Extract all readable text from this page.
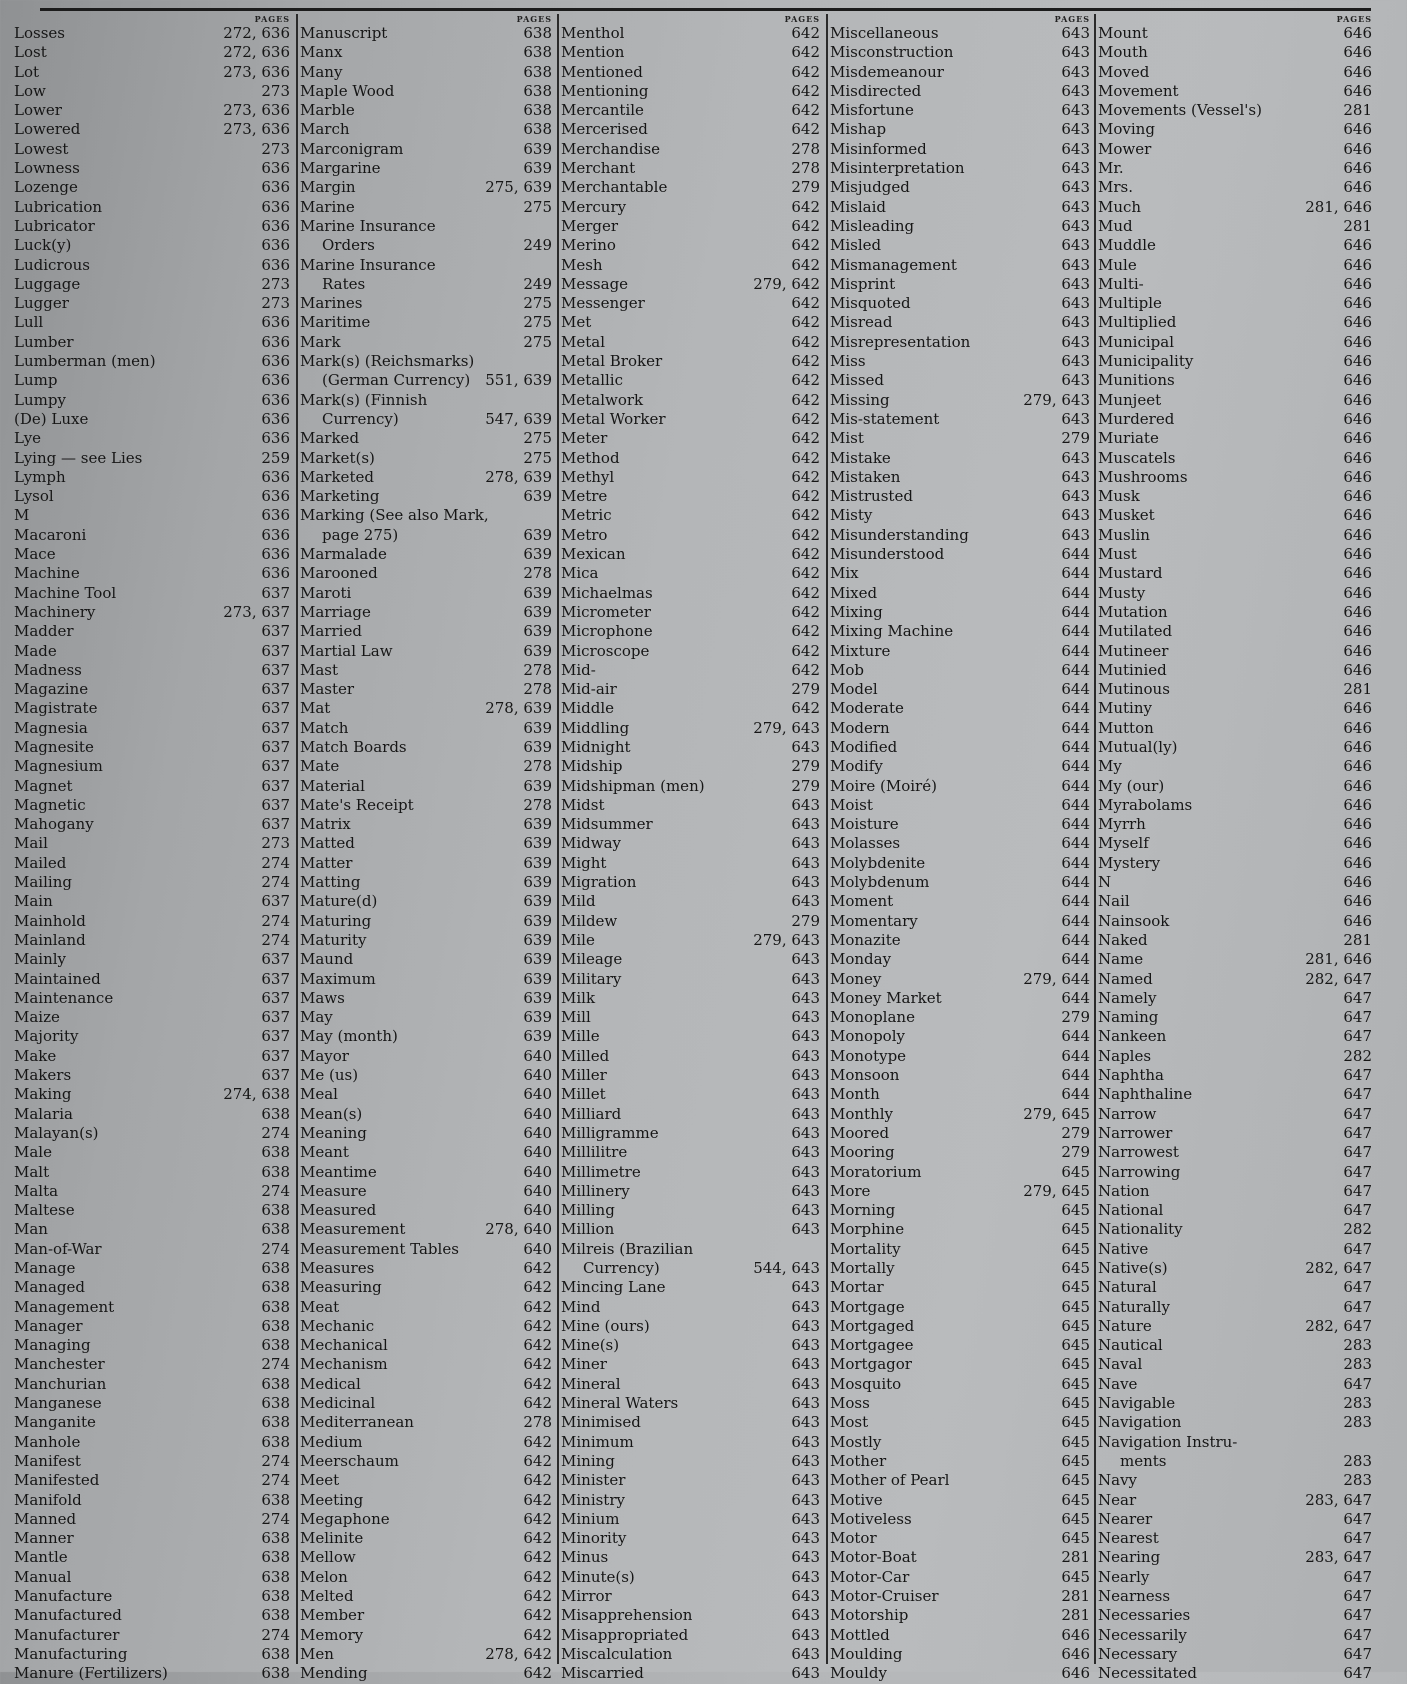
PAGES
Losses	272, 636
Lost	272, 636
Lot	273, 636
Low	273
Lower	273, 636
Lowered	273, 636
Lowest	273
Lowness	636
Lozenge	636
Lubrication	636
Lubricator	636
Luck(y)	636
Ludicrous	636
Luggage	273
Lugger	273
Lull	636
Lumber	636
Lumberman (men)	636
Lump	636
Lumpy	636
(De) Luxe	636
Lye	636
Lying — see Lies	259
Lymph	636
Lysol	636
M	636
Macaroni	636
Mace	636
Machine	636
Machine Tool	637
Machinery	273, 637
Madder	637
Made	637
Madness	637
Magazine	637
Magistrate	637
Magnesia	637
Magnesite	637
Magnesium	637
Magnet	637
Magnetic	637
Mahogany	637
Mail	273
Mailed	274
Mailing	274
Main	637
Mainhold	274
Mainland	274
Mainly	637
Maintained	637
Maintenance	637
Maize	637
Majority	637
Make	637
Makers	637
Making	274, 638
Malaria	638
Malayan(s)	274
Male	638
Malt	638
Malta	274
Maltese	638
Man	638
Man-of-War	274
Manage	638
Managed	638
Management	638
Manager	638
Managing	638
Manchester	274
Manchurian	638
Manganese	638
Manganite	638
Manhole	638
Manifest	274
Manifested	274
Manifold	638
Manned	274
Manner	638
Mantle	638
Manual	638
Manufacture	638
Manufactured	638
Manufacturer	274
Manufacturing	638
Manure (Fertilizers)	638
PAGES
Manuscript	638
Manx	638
Many	638
Maple Wood	638
Marble	638
March	638
Marconigram	639
Margarine	639
Margin	275, 639
Marine	275
Marine Insurance
Orders	249
Marine Insurance
Rates	249
Marines	275
Maritime	275
Mark	275
Mark(s) (Reichsmarks)
(German Currency) 551, 639
Mark(s) (Finnish
Currency)	547, 639
Marked	275
Market(s)	275
Marketed	278, 639
Marketing	639
Marking (See also Mark,
page 275)	639
Marmalade	639
Marooned	278
Maroti	639
Marriage	639
Married	639
Martial Law	639
Mast	278
Master	278
Mat	278, 639
Match	639
Match Boards	639
Mate	278
Material	639
Mate's Receipt	278
Matrix	639
Matted	639
Matter	639
Matting	639
Mature(d)	639
Maturing	639
Maturity	639
Maund	639
Maximum	639
Maws	639
May	639
May (month)	639
Mayor	640
Me (us)	640
Meal	640
Mean(s)	640
Meaning	640
Meant	640
Meantime	640
Measure	640
Measured	640
Measurement	278, 640
Measurement Tables	640
Measures	642
Measuring	642
Meat	642
Mechanic	642
Mechanical	642
Mechanism	642
Medical	642
Medicinal	642
Mediterranean	278
Medium	642
Meerschaum	642
Meet	642
Meeting	642
Megaphone	642
Melinite	642
Mellow	642
Melon	642
Melted	642
Member	642
Memory	642
Men	278, 642
Mending	642
PAGES
Menthol	642
Mention	642
Mentioned	642
Mentioning	642
Mercantile	642
Mercerised	642
Merchandise	278
Merchant	278
Merchantable	279
Mercury	642
Merger	642
Merino	642
Mesh	642
Message	279, 642
Messenger	642
Met	642
Metal	642
Metal Broker	642
Metallic	642
Metalwork	642
Metal Worker	642
Meter	642
Method	642
Methyl	642
Metre	642
Metric	642
Metro	642
Mexican	642
Mica	642
Michaelmas	642
Micrometer	642
Microphone	642
Microscope	642
Mid-	642
Mid-air	279
Middle	642
Middling	279, 643
Midnight	643
Midship	279
Midshipman (men)	279
Midst	643
Midsummer	643
Midway	643
Might	643
Migration	643
Mild	643
Mildew	279
Mile	279, 643
Mileage	643
Military	643
Milk	643
Mill	643
Mille	643
Milled	643
Miller	643
Millet	643
Milliard	643
Milligramme	643
Millilitre	643
Millimetre	643
Millinery	643
Milling	643
Million	643
Milreis (Brazilian
Currency)	544, 643
Mincing Lane	643
Mind	643
Mine (ours)	643
Mine(s)	643
Miner	643
Mineral	643
Mineral Waters	643
Minimised	643
Minimum	643
Mining	643
Minister	643
Ministry	643
Minium	643
Minority	643
Minus	643
Minute(s)	643
Mirror	643
Misapprehension	643
Misappropriated	643
Miscalculation	643
Miscarried	643
PAGES
Miscellaneous	643
Misconstruction	643
Misdemeanour	643
Misdirected	643
Misfortune	643
Mishap	643
Misinformed	643
Misinterpretation	643
Misjudged	643
Mislaid	643
Misleading	643
Misled	643
Mismanagement	643
Misprint	643
Misquoted	643
Misread	643
Misrepresentation	643
Miss	643
Missed	643
Missing	279, 643
Mis-statement	643
Mist	279
Mistake	643
Mistaken	643
Mistrusted	643
Misty	643
Misunderstanding	643
Misunderstood	644
Mix	644
Mixed	644
Mixing	644
Mixing Machine	644
Mixture	644
Mob	644
Model	644
Moderate	644
Modern	644
Modified	644
Modify	644
Moire (Moiré)	644
Moist	644
Moisture	644
Molasses	644
Molybdenite	644
Molybdenum	644
Moment	644
Momentary	644
Monazite	644
Monday	644
Money	279, 644
Money Market	644
Monoplane	279
Monopoly	644
Monotype	644
Monsoon	644
Month	644
Monthly	279, 645
Moored	279
Mooring	279
Moratorium	645
More	279, 645
Morning	645
Morphine	645
Mortality	645
Mortally	645
Mortar	645
Mortgage	645
Mortgaged	645
Mortgagee	645
Mortgagor	645
Mosquito	645
Moss	645
Most	645
Mostly	645
Mother	645
Mother of Pearl	645
Motive	645
Motiveless	645
Motor	645
Motor-Boat	281
Motor-Car	645
Motor-Cruiser	281
Motorship	281
Mottled	646
Moulding	646
Mouldy	646
PAGES
Mount	646
Mouth	646
Moved	646
Movement	646
Movements (Vessel's)	281
Moving	646
Mower	646
Mr.	646
Mrs.	646
Much	281, 646
Mud	281
Muddle	646
Mule	646
Multi-	646
Multiple	646
Multiplied	646
Municipal	646
Municipality	646
Munitions	646
Munjeet	646
Murdered	646
Muriate	646
Muscatels	646
Mushrooms	646
Musk	646
Musket	646
Muslin	646
Must	646
Mustard	646
Musty	646
Mutation	646
Mutilated	646
Mutineer	646
Mutinied	646
Mutinous	281
Mutiny	646
Mutton	646
Mutual(ly)	646
My	646
My (our)	646
Myrabolams	646
Myrrh	646
Myself	646
Mystery	646
N	646
Nail	646
Nainsook	646
Naked	281
Name	281, 646
Named	282, 647
Namely	647
Naming	647
Nankeen	647
Naples	282
Naphtha	647
Naphthaline	647
Narrow	647
Narrower	647
Narrowest	647
Narrowing	647
Nation	647
National	647
Nationality	282
Native	647
Native(s)	282, 647
Natural	647
Naturally	647
Nature	282, 647
Nautical	283
Naval	283
Nave	647
Navigable	283
Navigation	283
Navigation Instru-
ments	283
Navy	283
Near	283, 647
Nearer	647
Nearest	647
Nearing	283, 647
Nearly	647
Nearness	647
Necessaries	647
Necessarily	647
Necessary	647
Necessitated	647
